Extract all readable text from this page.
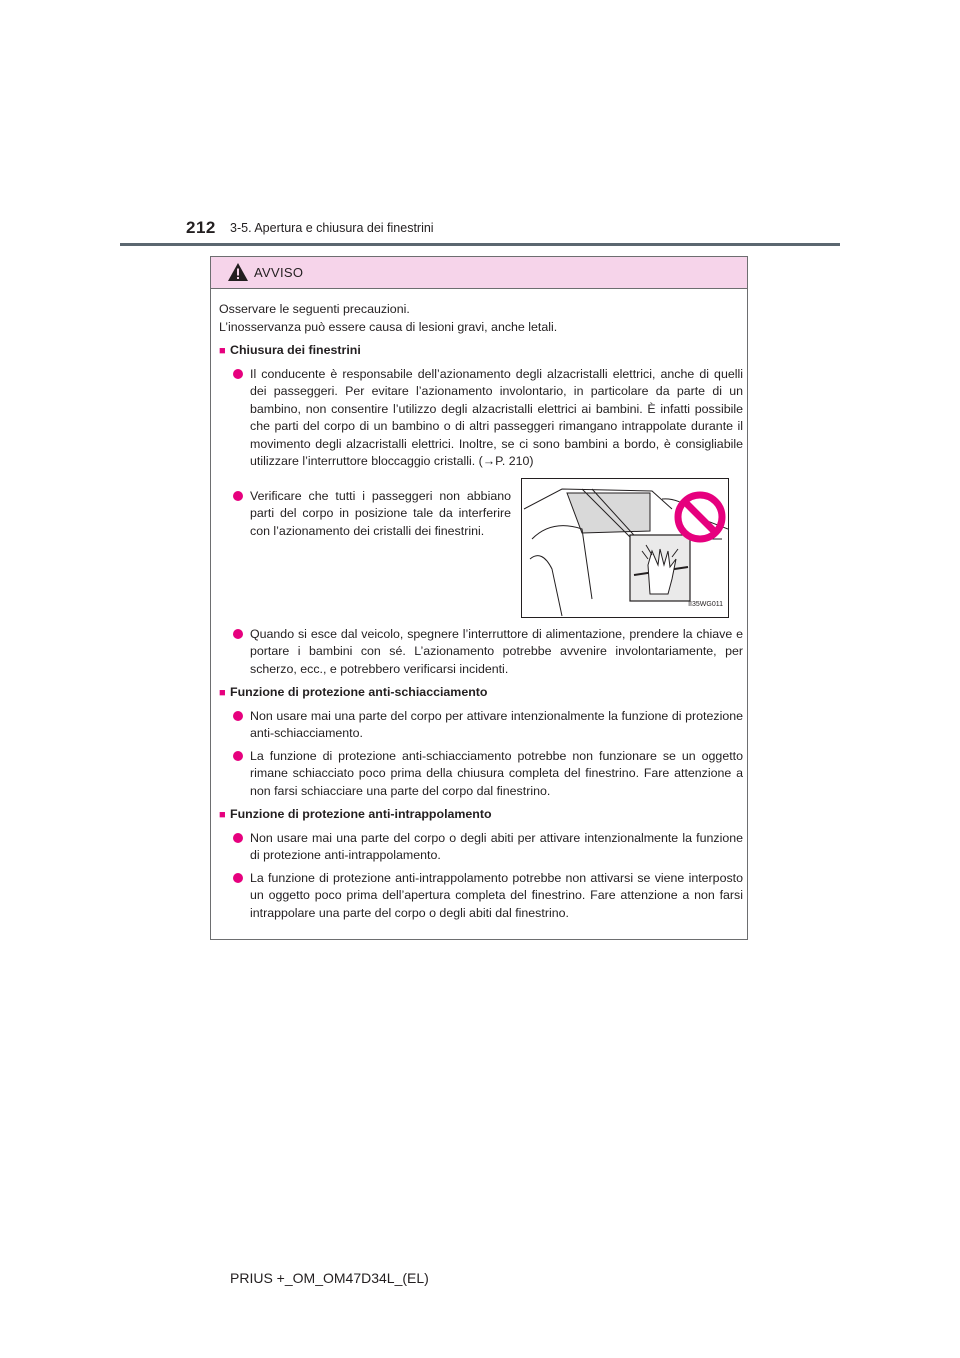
212 3-5. Apertura e chiusura dei finestrini
AVVISO

Osservare le seguenti precauzioni.

L’inosservanza può essere causa di lesioni gravi, anche letali.

■ Chiusura dei finestrini
Il conducente è responsabile dell’azionamento degli alzacristalli elettrici, anche di quelli dei passeggeri. Per evitare l’azionamento involontario, in particolare da parte di un bambino, non consentire l’utilizzo degli alzacristalli elettrici ai bambini. È infatti possibile che parti del corpo di un bambino o di altri passeggeri rimangano intrappolate durante il movimento degli alzacristalli elettrici. Inoltre, se ci sono bambini a bordo, è consigliabile utilizzare l’interruttore bloccaggio cristalli. (→P. 210)
Verificare che tutti i passeggeri non abbiano parti del corpo in posizione tale da interferire con l’azionamento dei cristalli dei finestrini.
II35WG011
Quando si esce dal veicolo, spegnere l’interruttore di alimentazione, prendere la chiave e portare i bambini con sé. L’azionamento potrebbe avvenire involontariamente, per scherzo, ecc., e potrebbero verificarsi incidenti.
■ Funzione di protezione anti-schiacciamento
Non usare mai una parte del corpo per attivare intenzionalmente la funzione di protezione anti-schiacciamento.
La funzione di protezione anti-schiacciamento potrebbe non funzionare se un oggetto rimane schiacciato poco prima della chiusura completa del finestrino. Fare attenzione a non farsi schiacciare una parte del corpo dal finestrino.
■ Funzione di protezione anti-intrappolamento
Non usare mai una parte del corpo o degli abiti per attivare intenzionalmente la funzione di protezione anti-intrappolamento.
La funzione di protezione anti-intrappolamento potrebbe non attivarsi se viene interposto un oggetto poco prima dell’apertura completa del finestrino. Fare attenzione a non farsi intrappolare una parte del corpo o degli abiti dal finestrino.
PRIUS +_OM_OM47D34L_(EL)
